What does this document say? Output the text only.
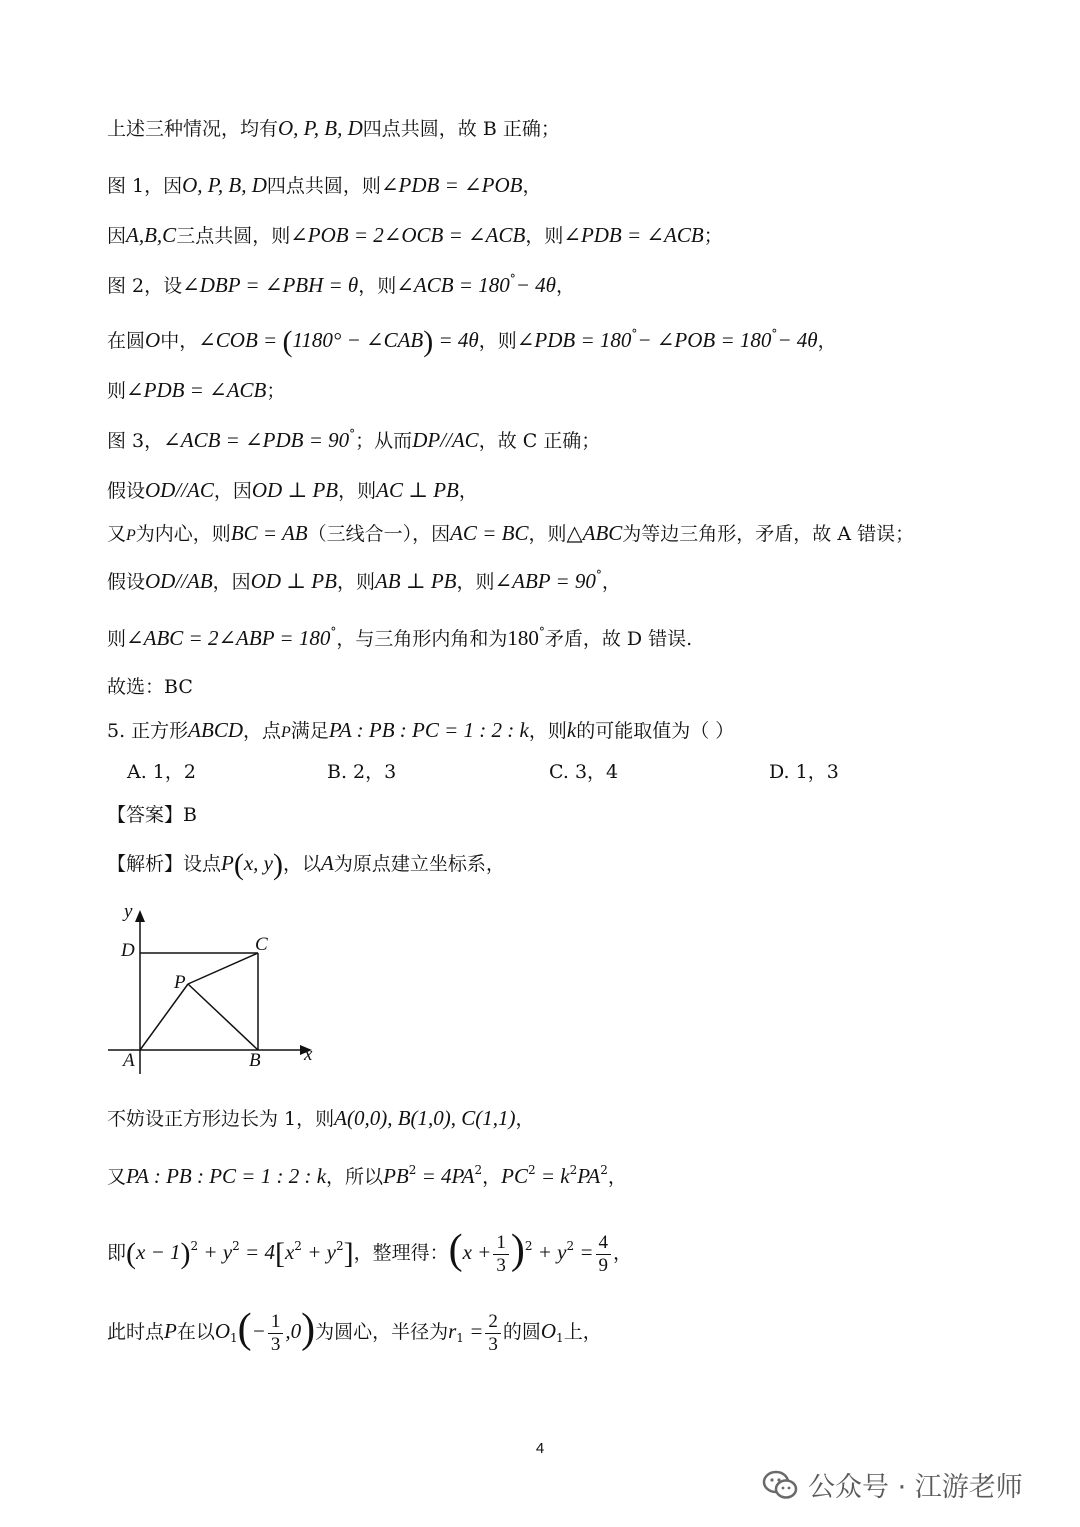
上述三种情况，均有O, P, B, D四点共圆，故 B 正确；
图 1，因O, P, B, D四点共圆，则∠PDB = ∠POB，
因A,B,C三点共圆，则∠POB = 2∠OCB = ∠ACB，则∠PDB = ∠ACB；
图 2，设∠DBP = ∠PBH = θ，则∠ACB = 180°− 4θ，
在圆O中，∠COB = (1180° − ∠CAB) = 4θ，则∠PDB = 180°− ∠POB = 180°− 4θ，
则∠PDB = ∠ACB；
图 3，∠ACB = ∠PDB = 90°；从而DP//AC，故 C 正确；
假设OD//AC，因OD ⊥ PB，则AC ⊥ PB，
又P为内心，则BC = AB（三线合一），因AC = BC，则△ABC为等边三角形，矛盾，故 A 错误；
假设OD//AB，因OD ⊥ PB，则AB ⊥ PB，则∠ABP = 90°，
则∠ABC = 2∠ABP = 180°，与三角形内角和为180°矛盾，故 D 错误.
故选：BC
5. 正方形ABCD，点P满足PA : PB : PC = 1 : 2 : k，则k的可能取值为（ ）
A. 1，2	B. 2，3	C. 3，4	D. 1，3
【答案】B
【解析】设点P(x, y)，以A为原点建立坐标系，
y
x
D	C
P
A	B
不妨设正方形边长为 1，则A(0,0), B(1,0), C(1,1)，
又PA : PB : PC = 1 : 2 : k，所以$PB^2 = 4PA^2$，$PC^2 = k^2PA^2$，
即$(x - 1)^2 + y^2 = 4[x^2 + y^2]$，整理得：$(x + \frac{1}{3} )^2 + y^2 = \frac{4}{9}$ ，
此时点P在以$O_1(- \frac{1}{3} ,0)$为圆心，半径为$r_1 = \frac{2}{3}$ 的圆$O_1$上，
4
公众号 · 江游老师
